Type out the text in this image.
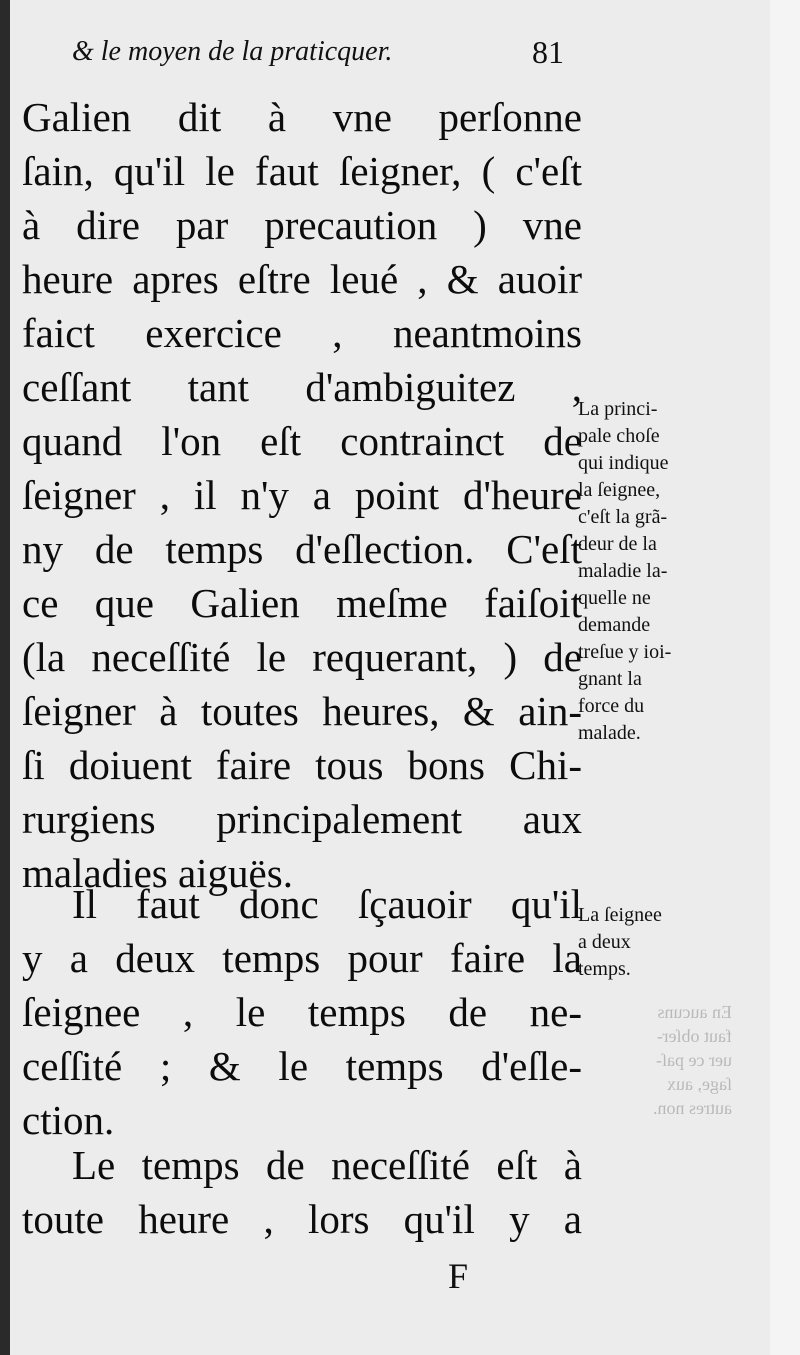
& le moyen de la praticquer.	81
Galien dit à vne perſonne
ſain, qu'il le faut ſeigner, ( c'eſt
à dire par precaution ) vne
heure apres eſtre leué , & auoir
faict exercice , neantmoins
ceſſant tant d'ambiguitez ,
quand l'on eſt contrainct de
ſeigner , il n'y a point d'heure
ny de temps d'eſlection. C'eſt
ce que Galien meſme faiſoit
(la neceſſité le requerant, ) de
ſeigner à toutes heures, & ain-
ſi doiuent faire tous bons Chi-
rurgiens principalement aux
maladies aiguës.
Il faut donc ſçauoir qu'il
y a deux temps pour faire la
ſeignee , le temps de ne-
ceſſité ; & le temps d'eſle-
ction.
Le temps de neceſſité eſt à
toute heure , lors qu'il y a
La princi-
pale choſe
qui indique
la ſeignee,
c'eſt la grã-
deur de la
maladie la-
quelle ne
demande
treſue y ioi-
gnant la
force du
malade.
La ſeignee
a deux
temps.
En aucuns
faut obſer-
uer ce paſ-
ſage, aux
autres non.
F
